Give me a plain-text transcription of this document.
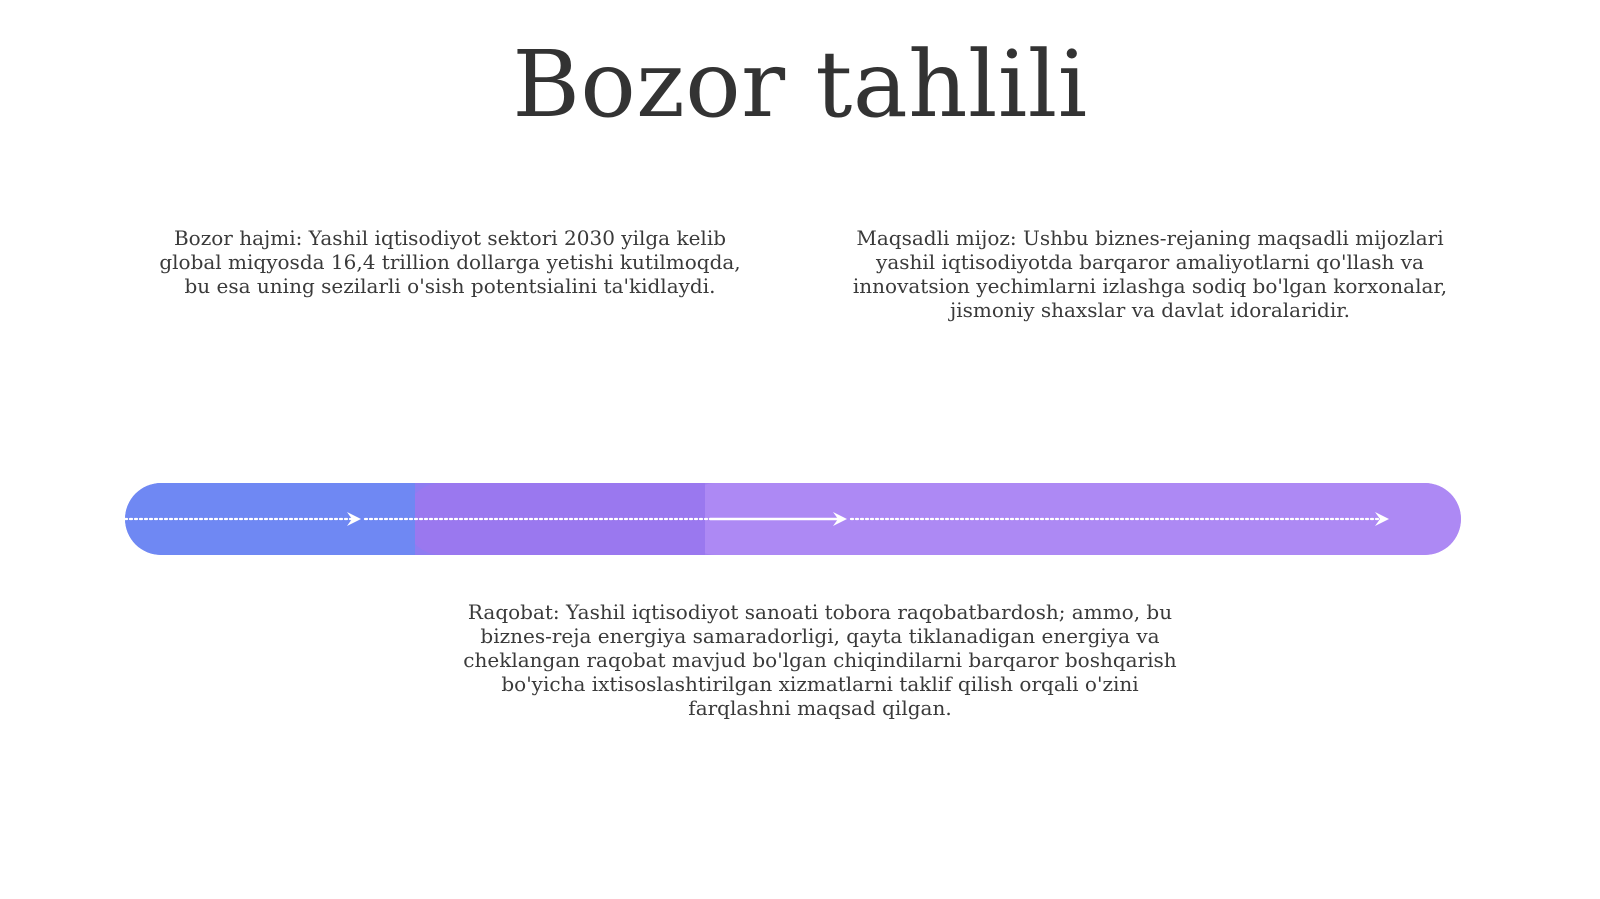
Bozor tahlili

Bozor hajmi: Yashil iqtisodiyot sektori 2030 yilga kelib global miqyosda 16,4 trillion dollarga yetishi kutilmoqda, bu esa uning sezilarli o'sish potentsialini ta'kidlaydi.

Maqsadli mijoz: Ushbu biznes-rejaning maqsadli mijozlari yashil iqtisodiyotda barqaror amaliyotlarni qo'llash va innovatsion yechimlarni izlashga sodiq bo'lgan korxonalar, jismoniy shaxslar va davlat idoralaridir.

Raqobat: Yashil iqtisodiyot sanoati tobora raqobatbardosh; ammo, bu biznes-reja energiya samaradorligi, qayta tiklanadigan energiya va cheklangan raqobat mavjud bo'lgan chiqindilarni barqaror boshqarish bo'yicha ixtisoslashtirilgan xizmatlarni taklif qilish orqali o'zini farqlashni maqsad qilgan.
